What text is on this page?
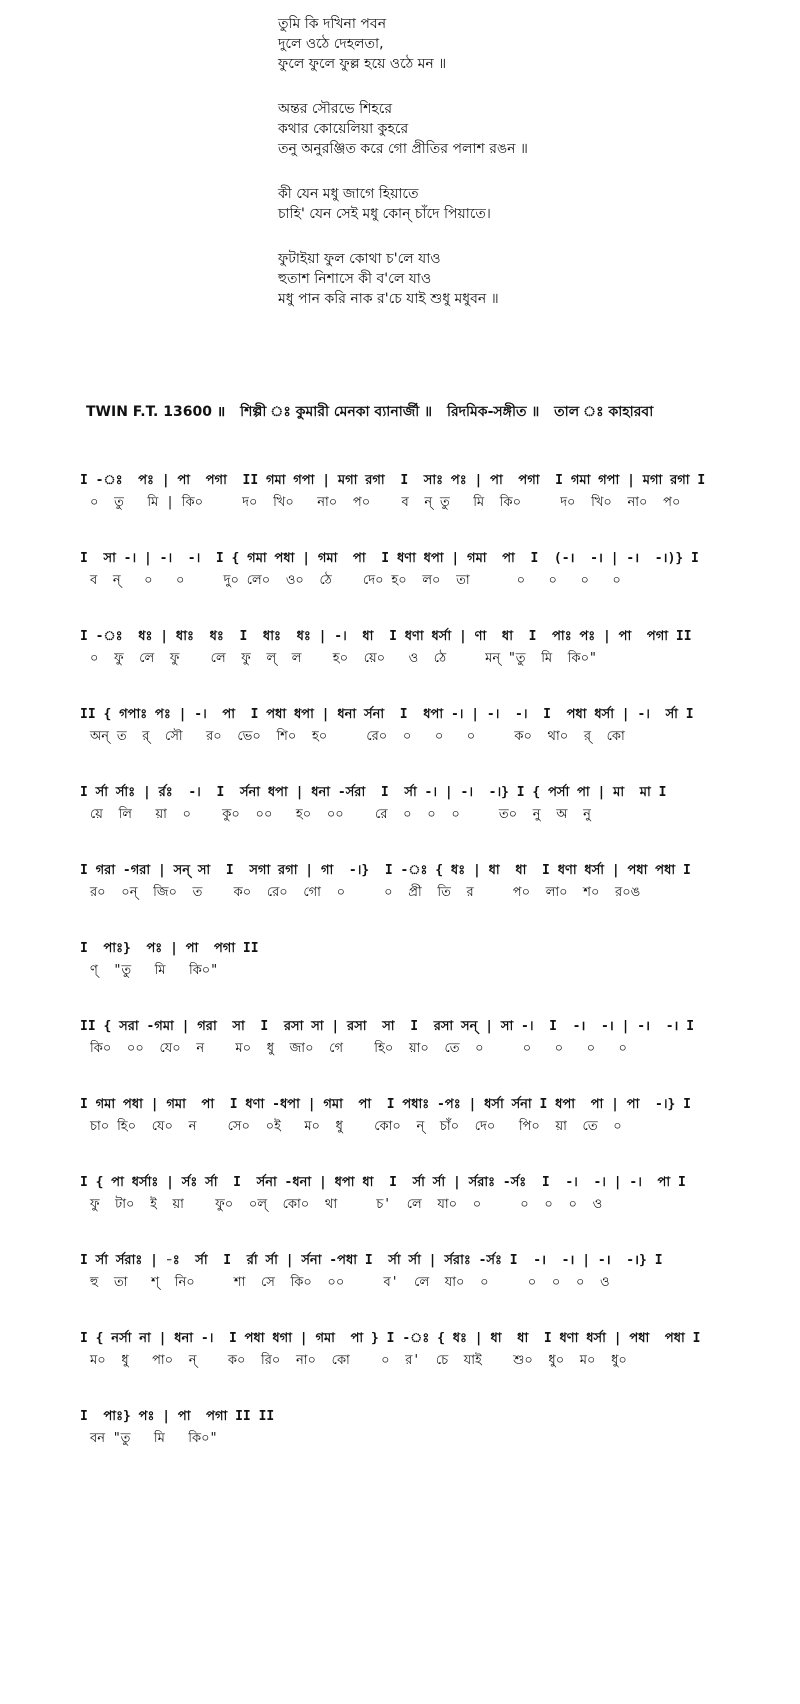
তুমি কি দখিনা পবন
দুলে ওঠে দেহলতা,
ফুলে ফুলে ফুল্ল হয়ে ওঠে মন ॥
অন্তর সৌরভে শিহরে
কথার কোয়েলিয়া কুহরে
তনু অনুরঞ্জিত করে গো প্রীতির পলাশ রঙন ॥
কী যেন মধু জাগে হিয়াতে
চাহি' যেন সেই মধু কোন্ চাঁদে পিয়াতে।
ফুটাইয়া ফুল কোথা চ'লে যাও
হুতাশ নিশাসে কী ব'লে যাও
মধু পান করি নাক র'চে যাই শুধু মধুবন ॥
TWIN F.T. 13600 ॥ শিল্পী ঃ কুমারী মেনকা ব্যানার্জী ॥ রিদমিক-সঙ্গীত ॥ তাল ঃ কাহারবা
I -ঃ  পঃ | পা  পগা  II গমা গপা | মগা রগা  I  সাঃ পঃ | পা  পগা  I গমা গপা | মগা রগা I
০  তু   মি | কি০     দ০  খি০   না০  প০    ব  ন্ তু   মি  কি০     দ০  খি০  না০  প০
I  সা -। | -।  -।  I { গমা পধা | গমা  পা  I ধণা ধপা | গমা  পা  I  (-।  -। | -।  -।)} I
ব  ন্   ০   ০     দু০ লে০  ও০  ঠে    দে০ হ০  ল০  তা      ০   ০   ০   ০
I -ঃ  ধঃ | ধাঃ  ধঃ  I  ধাঃ  ধঃ | -।  ধা  I ধণা ধর্সা | ণা  ধা  I  পাঃ পঃ | পা  পগা II
০  ফু  লে  ফু    লে  ফু  ল্  ল    হ০  য়ে০   ও  ঠে     মন্ "তু  মি  কি০"
II { গপাঃ পঃ | -।  পা  I পধা ধপা | ধনা র্সনা  I  ধপা -। | -।  -।  I  পধা ধর্সা | -।  র্সা I
অন্ ত  র্  সৌ   র০  ভে০  শি০  হ০     রে০  ০   ০   ০     ক০  থা০  র্  কো
I র্সা র্সাঃ | র্রঃ  -।  I  র্সনা ধপা | ধনা -র্সরা  I  র্সা -। | -।  -।} I { পর্সা পা | মা  মা I
য়ে  লি   য়া  ০    কু০  ০০   হ০  ০০    রে  ০  ০  ০     ত০  নু  অ  নু
I গরা -গরা | সন্ সা  I  সগা রগা | গা  -।}  I -ঃ { ধঃ | ধা  ধা  I ধণা ধর্সা | পধা পধা I
র০  ০ন্  জি০  ত    ক০  রে০  গো  ০     ০  প্রী  তি  র     প০  লা০  শ০  র০ঙ
I  পাঃ}  পঃ | পা  পগা II
ণ্  "তু   মি   কি০"
II { সরা -গমা | গরা  সা  I  রসা সা | রসা  সা  I  রসা সন্ | সা -।  I  -।  -। | -।  -। I
কি০  ০০  যে০  ন    ম০  ধু  জা০  গে    হি০  য়া০  তে  ০     ০   ০   ০   ০
I গমা পধা | গমা  পা  I ধণা -ধপা | গমা  পা  I পধাঃ -পঃ | ধর্সা র্সনা I ধপা  পা | পা  -।} I
চা০ হি০  যে০  ন    সে০  ০ই   ম০  ধু    কো০  ন্  চাঁ০  দে০   পি০  য়া  তে  ০
I { পা ধর্সাঃ | র্সঃ র্সা  I  র্সনা -ধনা | ধপা ধা  I  র্সা র্সা | র্সরাঃ -র্সঃ  I  -।  -। | -।  পা I
ফু  টা০  ই  য়া    ফু০  ০ল্  কো০  থা     চ'  লে  যা০  ০     ০  ০  ০  ও
I র্সা র্সরাঃ | -ঃ  র্সা  I  র্রা র্সা | র্সনা -পধা I  র্সা র্সা | র্সরাঃ -র্সঃ I  -।  -। | -।  -।} I
হু  তা   শ্  নি০     শা  সে  কি০  ০০     ব'  লে  যা০  ০     ০  ০  ০  ও
I { নর্সা না | ধনা -।  I পধা ধগা | গমা  পা } I -ঃ { ধঃ | ধা  ধা  I ধণা ধর্সা | পধা  পধা I
ম০  ধু   পা০  ন্    ক০  রি০  না০  কো    ০  র'  চে  যাই    শু০  ধু০  ম০  ধু০
I  পাঃ} পঃ | পা  পগা II II
বন "তু   মি   কি০"
